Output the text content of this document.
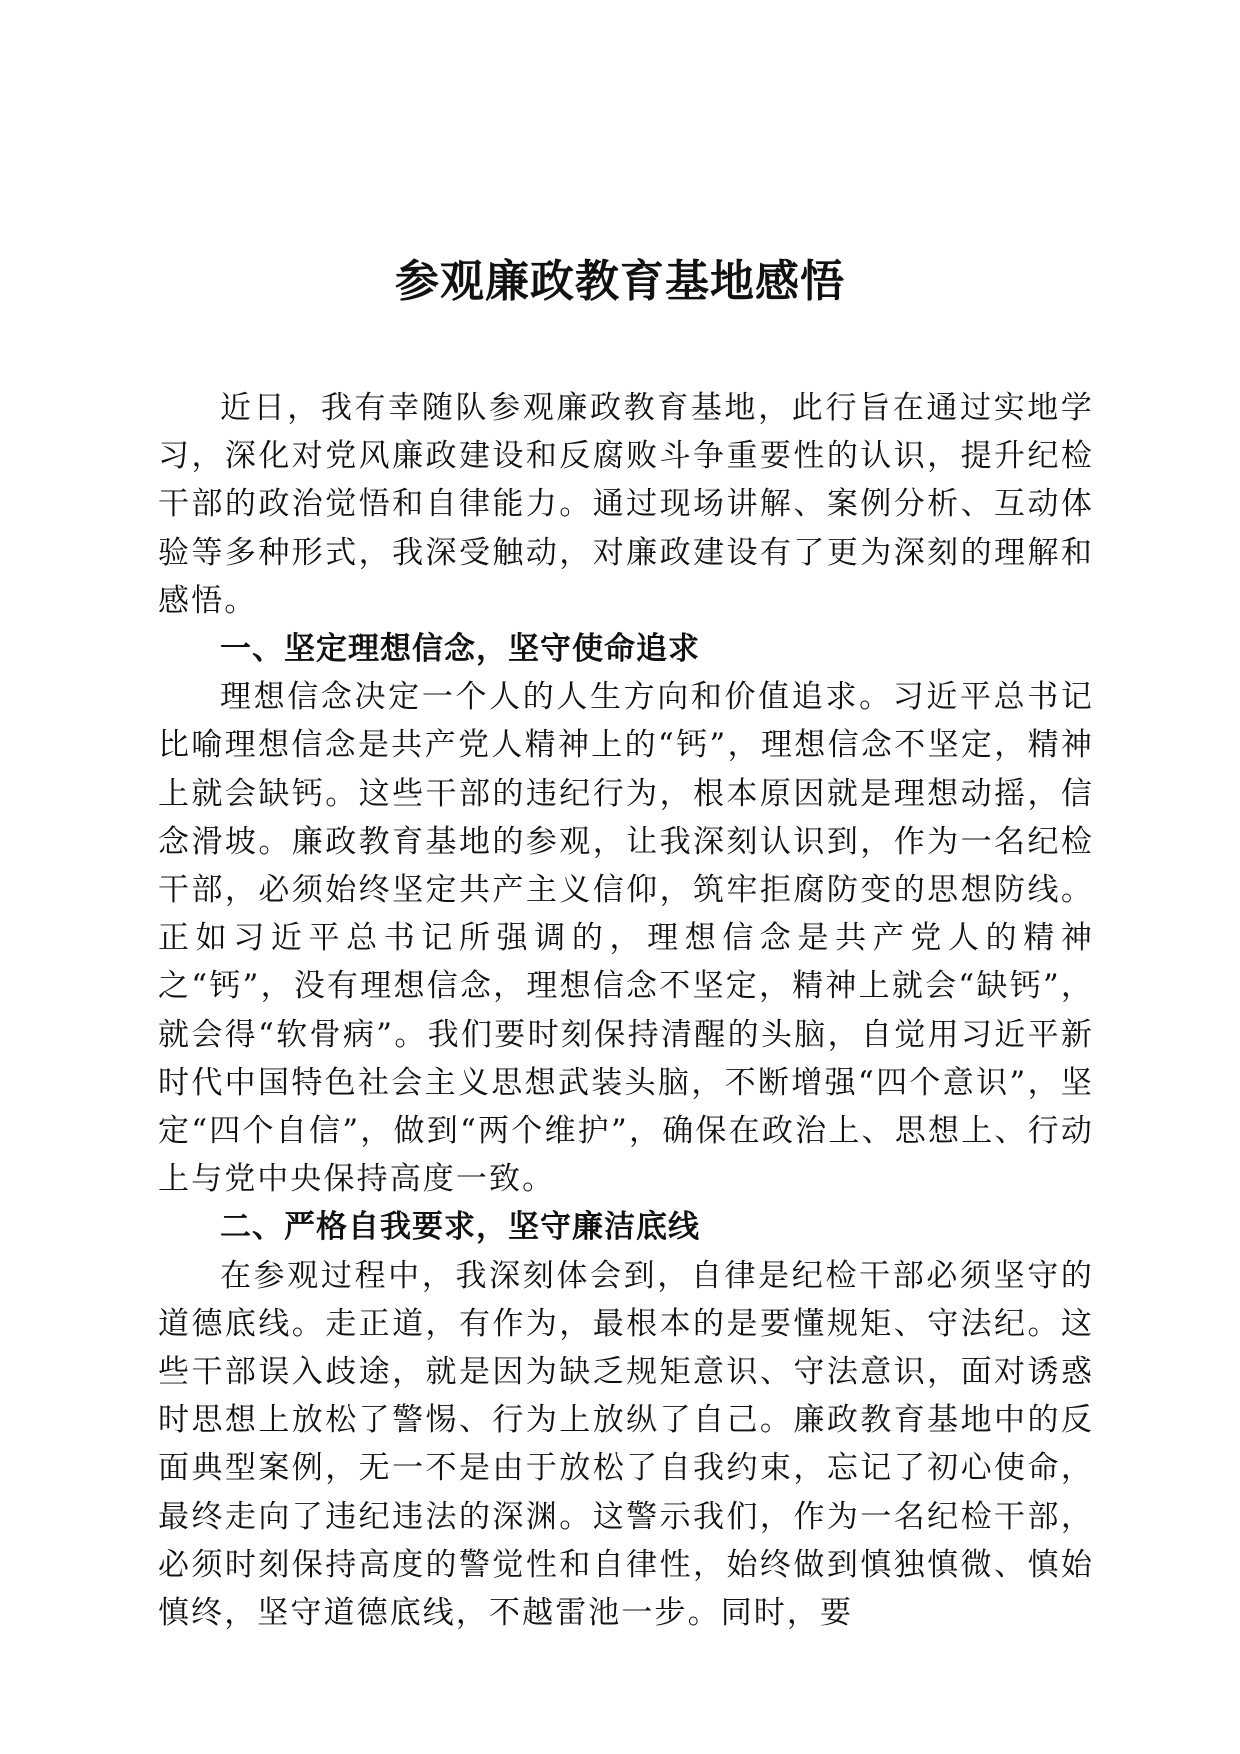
参观廉政教育基地感悟

近日，我有幸随队参观廉政教育基地，此行旨在通过实地学习，深化对党风廉政建设和反腐败斗争重要性的认识，提升纪检干部的政治觉悟和自律能力。通过现场讲解、案例分析、互动体验等多种形式，我深受触动，对廉政建设有了更为深刻的理解和感悟。

一、坚定理想信念，坚守使命追求

理想信念决定一个人的人生方向和价值追求。习近平总书记比喻理想信念是共产党人精神上的“钙”，理想信念不坚定，精神上就会缺钙。这些干部的违纪行为，根本原因就是理想动摇，信念滑坡。廉政教育基地的参观，让我深刻认识到，作为一名纪检干部，必须始终坚定共产主义信仰，筑牢拒腐防变的思想防线。正如习近平总书记所强调的，理想信念是共产党人的精神之“钙”，没有理想信念，理想信念不坚定，精神上就会“缺钙”，就会得“软骨病”。我们要时刻保持清醒的头脑，自觉用习近平新时代中国特色社会主义思想武装头脑，不断增强“四个意识”，坚定“四个自信”，做到“两个维护”，确保在政治上、思想上、行动上与党中央保持高度一致。

二、严格自我要求，坚守廉洁底线

在参观过程中，我深刻体会到，自律是纪检干部必须坚守的道德底线。走正道，有作为，最根本的是要懂规矩、守法纪。这些干部误入歧途，就是因为缺乏规矩意识、守法意识，面对诱惑时思想上放松了警惕、行为上放纵了自己。廉政教育基地中的反面典型案例，无一不是由于放松了自我约束，忘记了初心使命，最终走向了违纪违法的深渊。这警示我们，作为一名纪检干部，必须时刻保持高度的警觉性和自律性，始终做到慎独慎微、慎始慎终，坚守道德底线，不越雷池一步。同时，要
